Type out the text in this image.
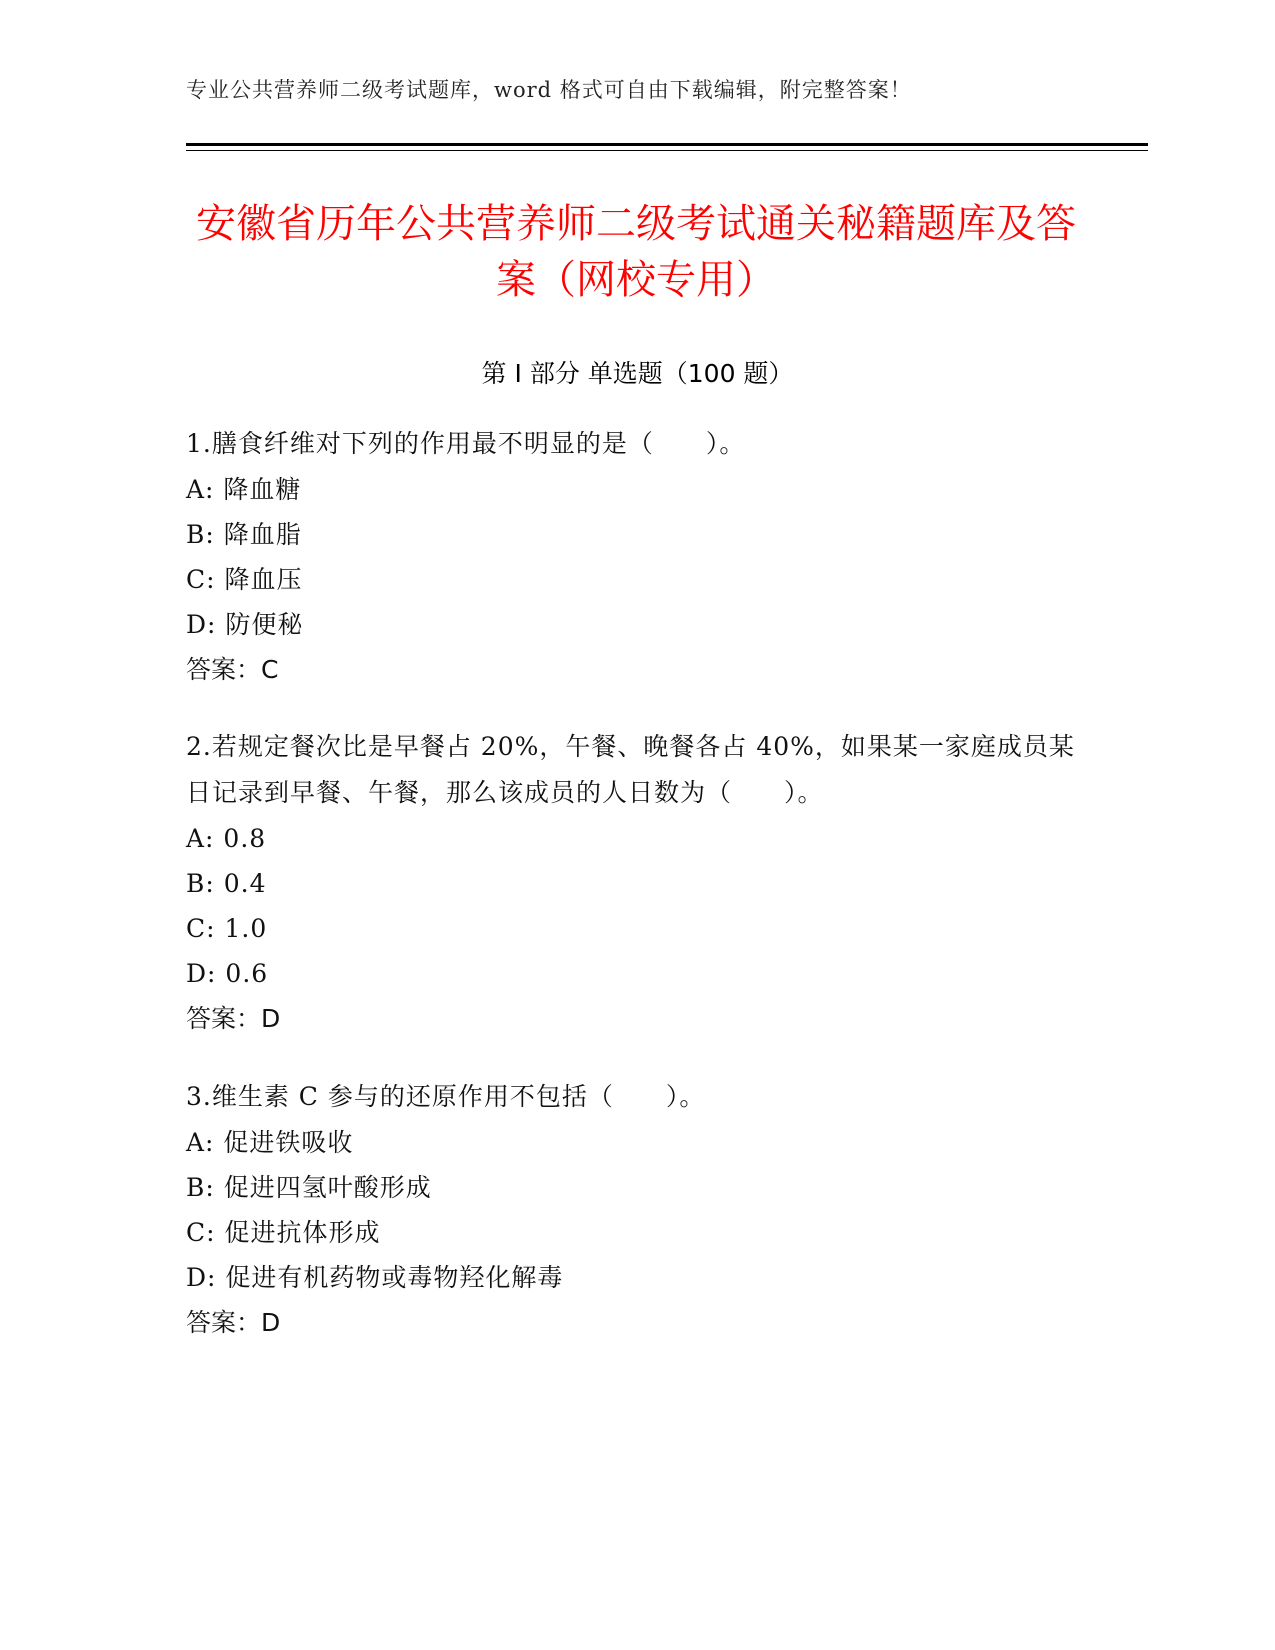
专业公共营养师二级考试题库，word 格式可自由下载编辑，附完整答案！
安徽省历年公共营养师二级考试通关秘籍题库及答案（网校专用）
第 I 部分 单选题（100 题）

1.膳食纤维对下列的作用最不明显的是（　　）。

A: 降血糖

B: 降血脂

C: 降血压

D: 防便秘

答案：C

2.若规定餐次比是早餐占 20%，午餐、晚餐各占 40%，如果某一家庭成员某日记录到早餐、午餐，那么该成员的人日数为（　　）。

A: 0.8

B: 0.4

C: 1.0

D: 0.6

答案：D

3.维生素 C 参与的还原作用不包括（　　）。

A: 促进铁吸收

B: 促进四氢叶酸形成

C: 促进抗体形成

D: 促进有机药物或毒物羟化解毒

答案：D
